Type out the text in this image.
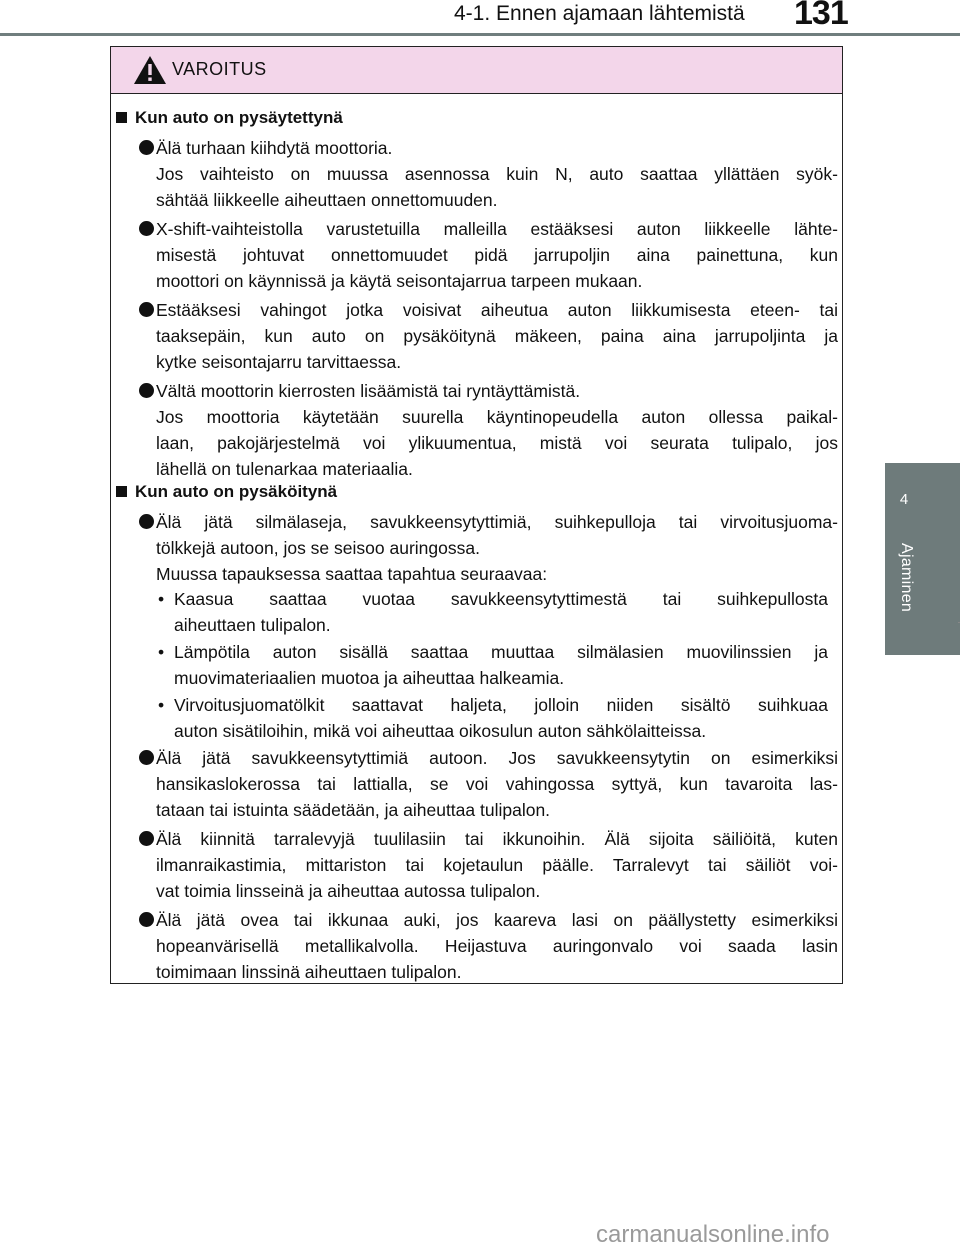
4-1. Ennen ajamaan lähtemistä 131
4
Ajaminen
VAROITUS
Kun auto on pysäytettynä
Älä turhaan kiihdytä moottoria.
Jos vaihteisto on muussa asennossa kuin N, auto saattaa yllättäen syök-
sähtää liikkeelle aiheuttaen onnettomuuden.
X-shift-vaihteistolla varustetuilla malleilla estääksesi auton liikkeelle lähte-
misestä johtuvat onnettomuudet pidä jarrupoljin aina painettuna, kun
moottori on käynnissä ja käytä seisontajarrua tarpeen mukaan.
Estääksesi vahingot jotka voisivat aiheutua auton liikkumisesta eteen- tai
taaksepäin, kun auto on pysäköitynä mäkeen, paina aina jarrupoljinta ja
kytke seisontajarru tarvittaessa.
Vältä moottorin kierrosten lisäämistä tai ryntäyttämistä.
Jos moottoria käytetään suurella käyntinopeudella auton ollessa paikal-
laan, pakojärjestelmä voi ylikuumentua, mistä voi seurata tulipalo, jos
lähellä on tulenarkaa materiaalia.
Kun auto on pysäköitynä
Älä jätä silmälaseja, savukkeensytyttimiä, suihkepulloja tai virvoitusjuoma-
tölkkejä autoon, jos se seisoo auringossa.
Muussa tapauksessa saattaa tapahtua seuraavaa:
• Kaasua saattaa vuotaa savukkeensytyttimestä tai suihkepullosta
aiheuttaen tulipalon.
• Lämpötila auton sisällä saattaa muuttaa silmälasien muovilinssien ja
muovimateriaalien muotoa ja aiheuttaa halkeamia.
• Virvoitusjuomatölkit saattavat haljeta, jolloin niiden sisältö suihkuaa
auton sisätiloihin, mikä voi aiheuttaa oikosulun auton sähkölaitteissa.
Älä jätä savukkeensytyttimiä autoon. Jos savukkeensytytin on esimerkiksi
hansikaslokerossa tai lattialla, se voi vahingossa syttyä, kun tavaroita las-
tataan tai istuinta säädetään, ja aiheuttaa tulipalon.
Älä kiinnitä tarralevyjä tuulilasiin tai ikkunoihin. Älä sijoita säiliöitä, kuten
ilmanraikastimia, mittariston tai kojetaulun päälle. Tarralevyt tai säiliöt voi-
vat toimia linsseinä ja aiheuttaa autossa tulipalon.
Älä jätä ovea tai ikkunaa auki, jos kaareva lasi on päällystetty esimerkiksi
hopeanvärisellä metallikalvolla. Heijastuva auringonvalo voi saada lasin
toimimaan linssinä aiheuttaen tulipalon.
carmanualsonline.info
